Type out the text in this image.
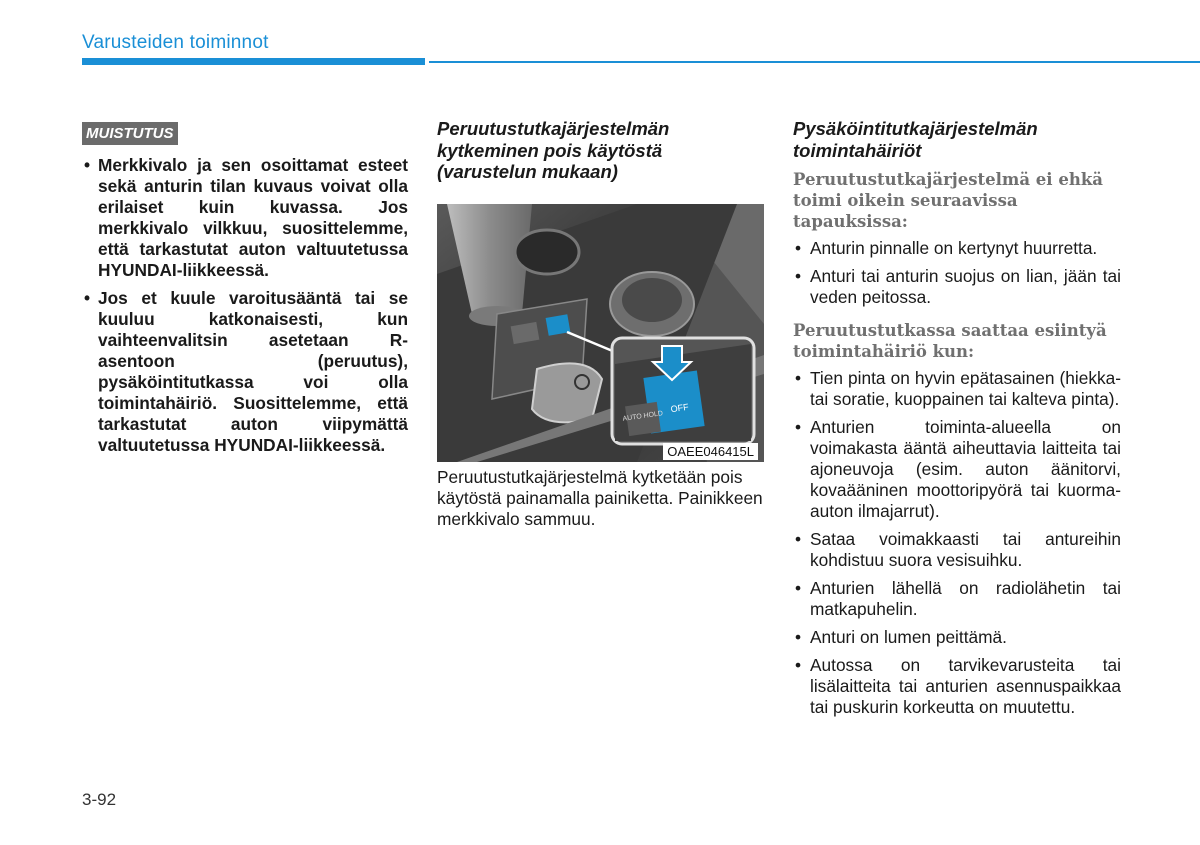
Varusteiden toiminnot
MUISTUTUS
• Merkkivalo ja sen osoittamat esteet sekä anturin tilan kuvaus voivat olla erilaiset kuin kuvassa. Jos merkkivalo vilkkuu, suosittelemme, että tarkastutat auton valtuutetussa HYUNDAI-liikkeessä.
• Jos et kuule varoitusääntä tai se kuuluu katkonaisesti, kun vaihteenvalitsin asetetaan R-asentoon (peruutus), pysäköintitutkassa voi olla toimintahäiriö. Suosittelemme, että tarkastutat auton viipymättä valtuutetussa HYUNDAI-liikkeessä.
Peruutustutkajärjestelmän kytkeminen pois käytöstä (varustelun mukaan)
OFF
AUTO HOLD
OAEE046415L

Peruutustutkajärjestelmä kytketään pois käytöstä painamalla painiketta. Painikkeen merkkivalo sammuu.

Pysäköintitutkajärjestelmän toimintahäiriöt
Peruutustutkajärjestelmä ei ehkä toimi oikein seuraavissa tapauksissa:
• Anturin pinnalle on kertynyt huurretta.
• Anturi tai anturin suojus on lian, jään tai veden peitossa.
Peruutustutkassa saattaa esiintyä toimintahäiriö kun:
• Tien pinta on hyvin epätasainen (hiekka- tai soratie, kuoppainen tai kalteva pinta).
• Anturien toiminta-alueella on voimakasta ääntä aiheuttavia laitteita tai ajoneuvoja (esim. auton äänitorvi, kovaääninen moottoripyörä tai kuorma-auton ilmajarrut).
• Sataa voimakkaasti tai antureihin kohdistuu suora vesisuihku.
• Anturien lähellä on radiolähetin tai matkapuhelin.
• Anturi on lumen peittämä.
• Autossa on tarvikevarusteita tai lisälaitteita tai anturien asennuspaikkaa tai puskurin korkeutta on muutettu.
3-92
